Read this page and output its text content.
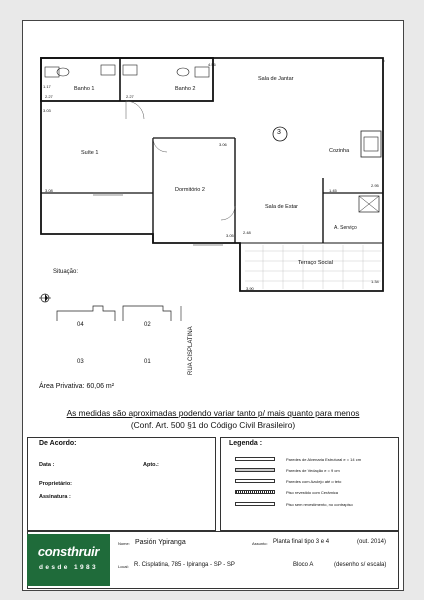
Banho 1	Banho 2
Sala de Jantar
Suíte 1
Dormitório 2
Cozinha
Sala de Estar
A. Serviço
Terraço Social
3
1.17
2.27	2.27
4.56
3.03
3.06
3.08	1.45
2.95
3.05
2.48
3.90
1.34
Situação:
04	02
03	01	RUA CISPLATINA
Área Privativa: 60,06 m²
As medidas são aproximadas podendo variar tanto p/ mais quanto para menos
(Conf. Art. 500 §1 do Código Civil Brasileiro)
De Acordo:
Data :	Apto.:
Proprietário:
Assinatura :
Legenda :
Paredes de Alvenaria Estrutural e = 14 cm
Paredes de Vedação e = 9 cm
Paredes com Azulejo até o teto
Piso revestido com Cerâmica
Piso sem revestimento, no contrapiso
consthruir
desde 1983
Nome: Pasión Ypiranga	Assunto: Planta final tipo 3 e 4	(out. 2014)
Local: R. Cisplatina, 785 - Ipiranga - SP - SP	Bloco A	(desenho s/ escala)
